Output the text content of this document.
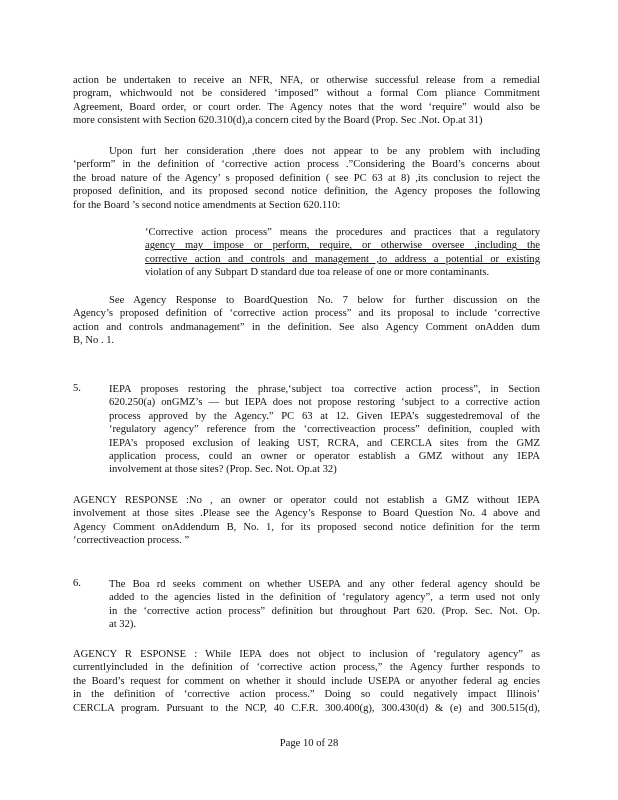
action be undertaken to receive an NFR, NFA, or otherwise successful release from a remedial
program, whichwould not be considered ‘imposed” without a formal Com pliance Commitment
Agreement, Board order, or court order. The Agency notes that the word ‘require” would also be
more consistent with Section 620.310(d),a concern cited by the Board (Prop. Sec .Not. Op.at 31)
Upon furt her consideration ,there does not appear to be any problem with including
‘perform” in the definition of ‘corrective action process .”Considering the Board’s concerns about
the broad nature of the Agency’ s proposed definition ( see PC 63 at 8) ,its conclusion to reject the
proposed definition, and its proposed second notice definition, the Agency proposes the following
for the Board ’s second notice amendments at Section 620.110:
‘Corrective action process” means the procedures and practices that a regulatory
agency may impose or perform, require, or otherwise oversee ,including the
corrective action and controls and management ,to address a potential or existing
violation of any Subpart D standard due toa release of one or more contaminants.
See Agency Response to BoardQuestion No. 7 below for further discussion on the
Agency’s proposed definition of ‘corrective action process” and its proposal to include ‘corrective
action and controls andmanagement” in the definition. See also Agency Comment onAdden dum
B, No . 1.
5.	IEPA proposes restoring the phrase,‘subject toa corrective action process”, in Section
620.250(a) onGMZ’s — but IEPA does not propose restoring ‘subject to a corrective action
process approved by the Agency.” PC 63 at 12. Given IEPA’s suggestedremoval of the
‘regulatory agency” reference from the ‘correctiveaction process” definition, coupled with
IEPA’s proposed exclusion of leaking UST, RCRA, and CERCLA sites from the GMZ
application process, could an owner or operator establish a GMZ without any IEPA
involvement at those sites? (Prop. Sec. Not. Op.at 32)
AGENCY RESPONSE :No , an owner or operator could not establish a GMZ without IEPA
involvement at those sites .Please see the Agency’s Response to Board Question No. 4 above and
Agency Comment onAddendum B, No. 1, for its proposed second notice definition for the term
‘correctiveaction process. ”
6.	The Boa rd seeks comment on whether USEPA and any other federal agency should be
added to the agencies listed in the definition of ‘regulatory agency”, a term used not only
in the ‘corrective action process” definition but throughout Part 620. (Prop. Sec. Not. Op.
at 32).
AGENCY R ESPONSE : While IEPA does not object to inclusion of ‘regulatory agency” as
currentlyincluded in the definition of ‘corrective action process,” the Agency further responds to
the Board’s request for comment on whether it should include USEPA or anyother federal ag encies
in the definition of ‘corrective action process.” Doing so could negatively impact Illinois’
CERCLA program. Pursuant to the NCP, 40 C.F.R. 300.400(g), 300.430(d) & (e) and 300.515(d),
Page 10 of 28
